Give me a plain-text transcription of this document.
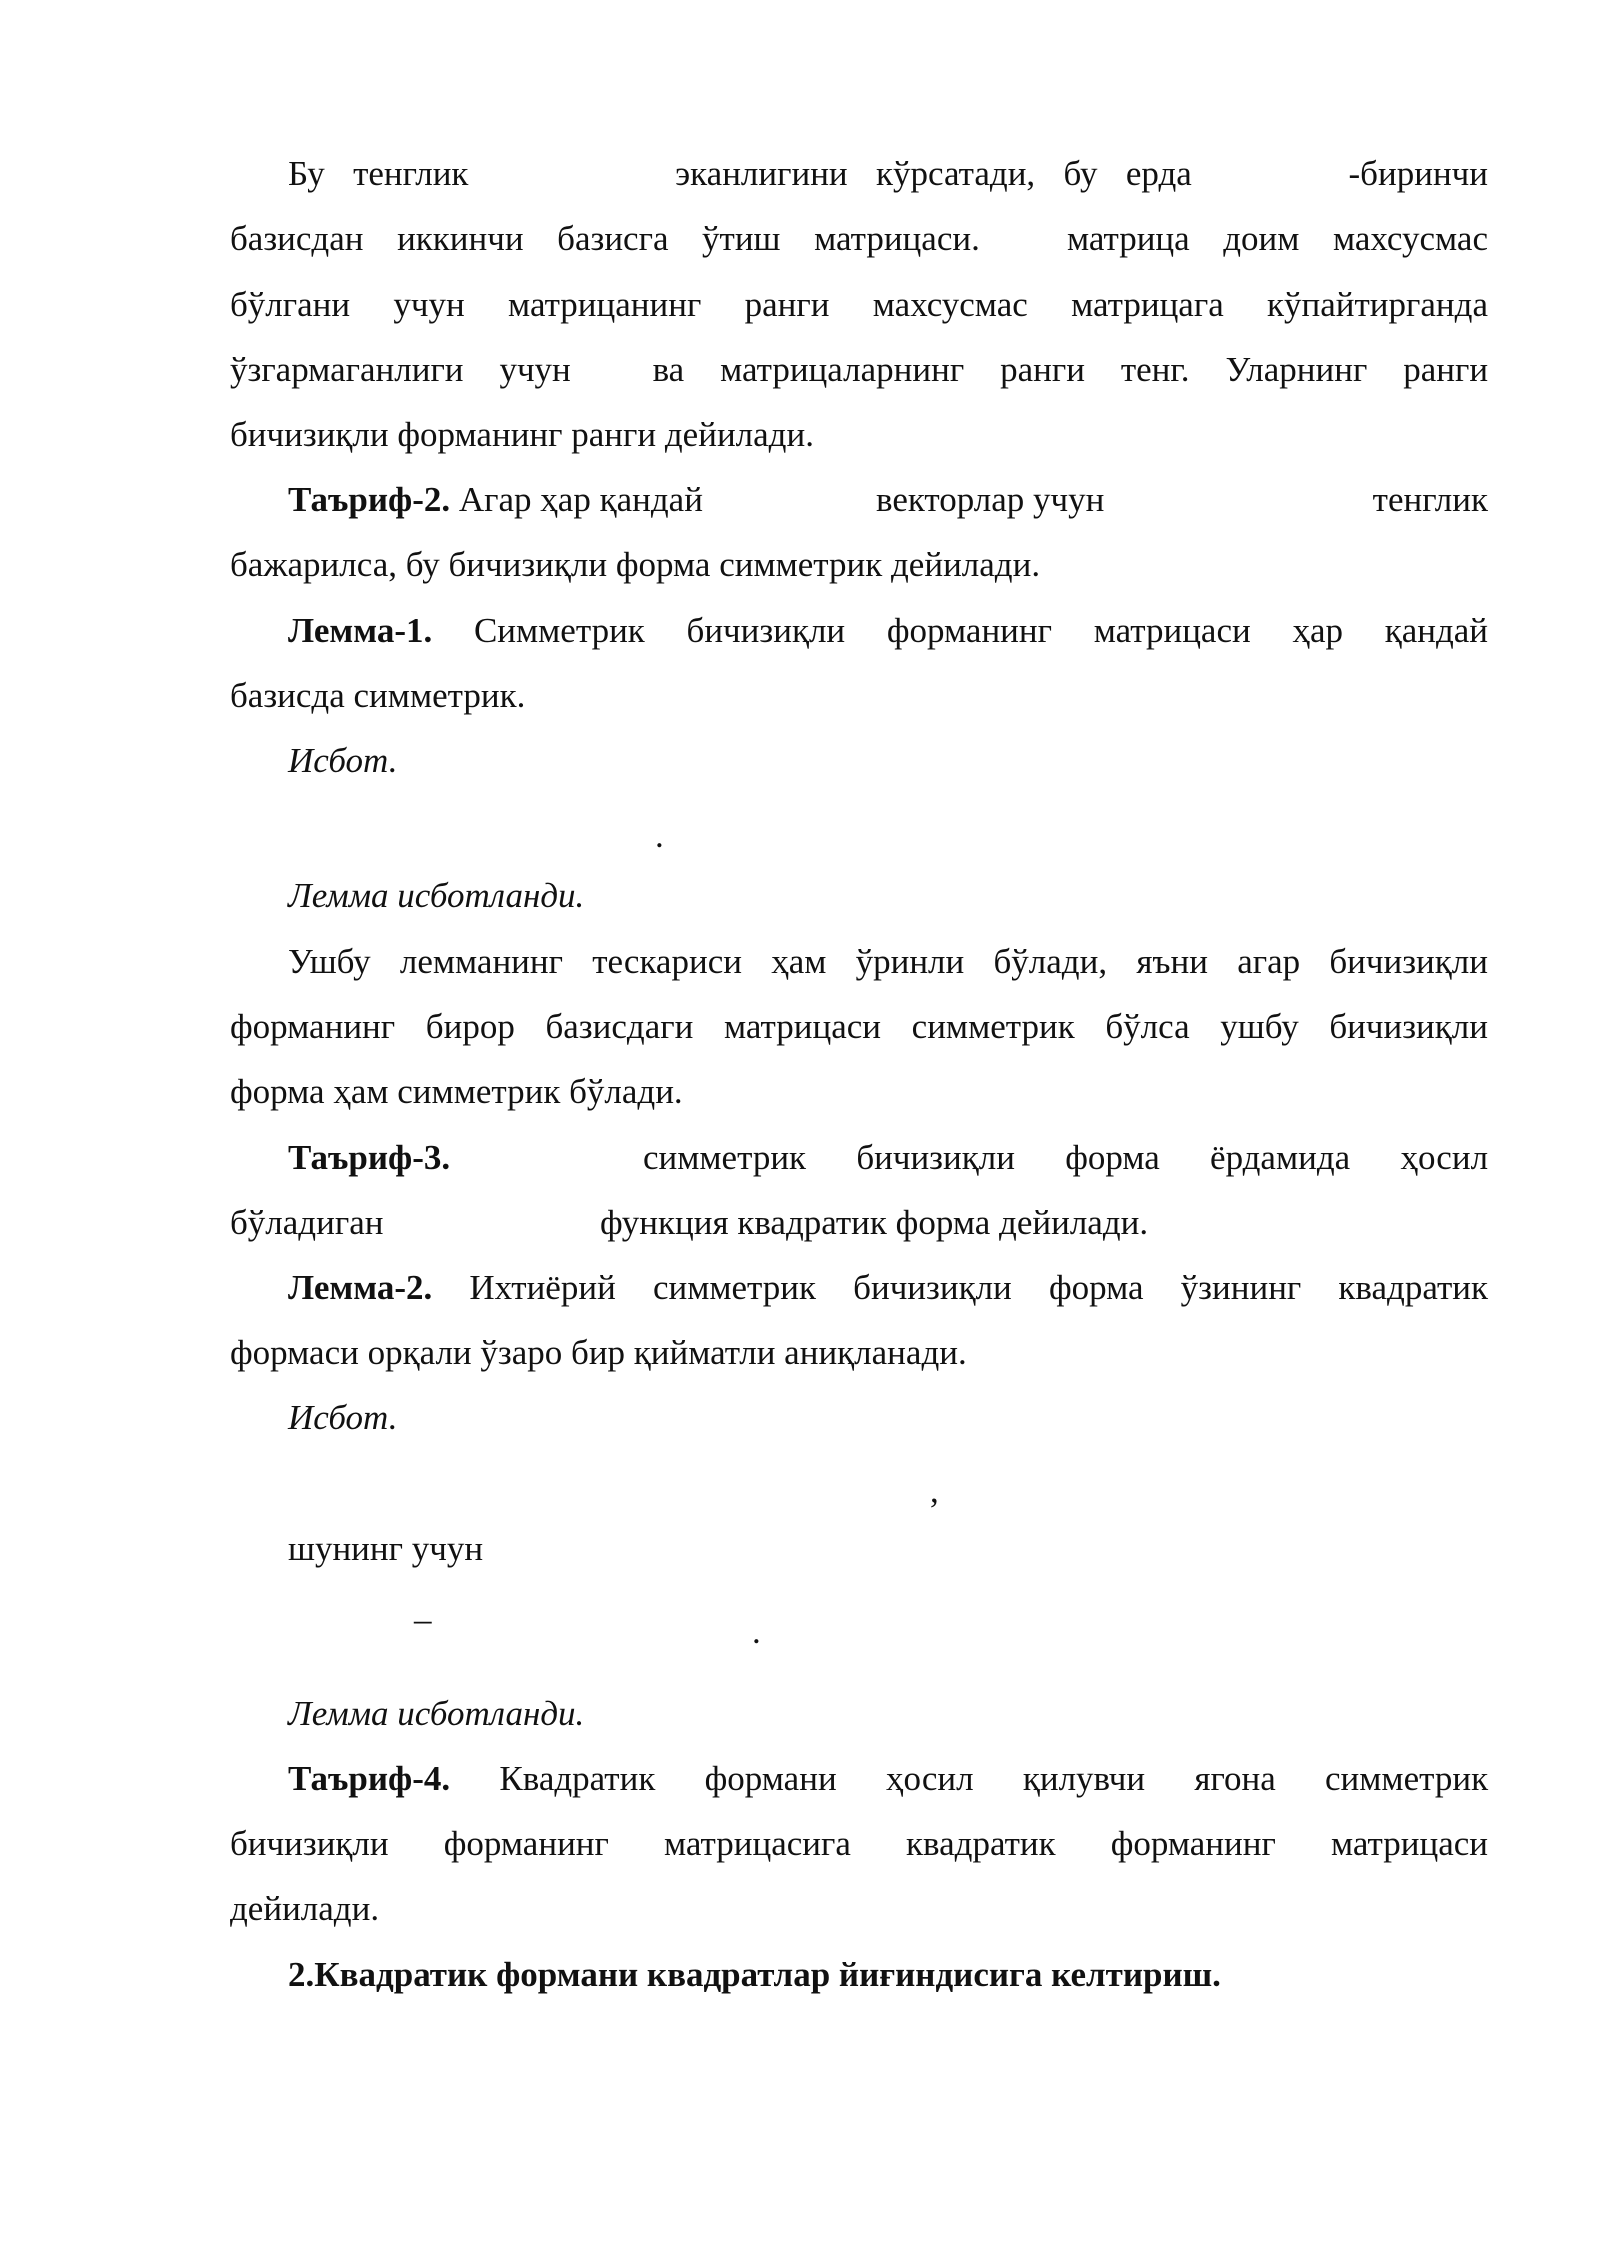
Бу тенглик	эканлигини кўрсатади, бу ерда	-биринчи
базисдан иккинчи базисга ўтиш матрицаси. матрица доим махсусмас
бўлгани учун матрицанинг ранги махсусмас матрицага кўпайтирганда
ўзгармаганлиги учун ва матрицаларнинг ранги тенг. Уларнинг ранги
бичизиқли форманинг ранги дейилади.
Таъриф-2. Агар ҳар қандай	векторлар учун	тенглик
бажарилса, бу бичизиқли форма симметрик дейилади.
Лемма-1. Симметрик бичизиқли форманинг матрицаси ҳар қандай
базисда симметрик.
Исбот.
.
Лемма исботланди.
Ушбу лемманинг тескариси ҳам ўринли бўлади, яъни агар бичизиқли
форманинг бирор базисдаги матрицаси симметрик бўлса ушбу бичизиқли
форма ҳам симметрик бўлади.
Таъриф-3.	симметрик бичизиқли форма ёрдамида ҳосил
бўладиган	функция квадратик форма дейилади.
Лемма-2. Ихтиёрий симметрик бичизиқли форма ўзининг квадратик
формаси орқали ўзаро бир қийматли аниқланади.
Исбот.
,
шунинг учун
–	.
Лемма исботланди.
Таъриф-4. Квадратик формани ҳосил қилувчи ягона симметрик
бичизиқли форманинг матрицасига квадратик форманинг матрицаси
дейилади.
2.Квадратик формани квадратлар йиғиндисига келтириш.
